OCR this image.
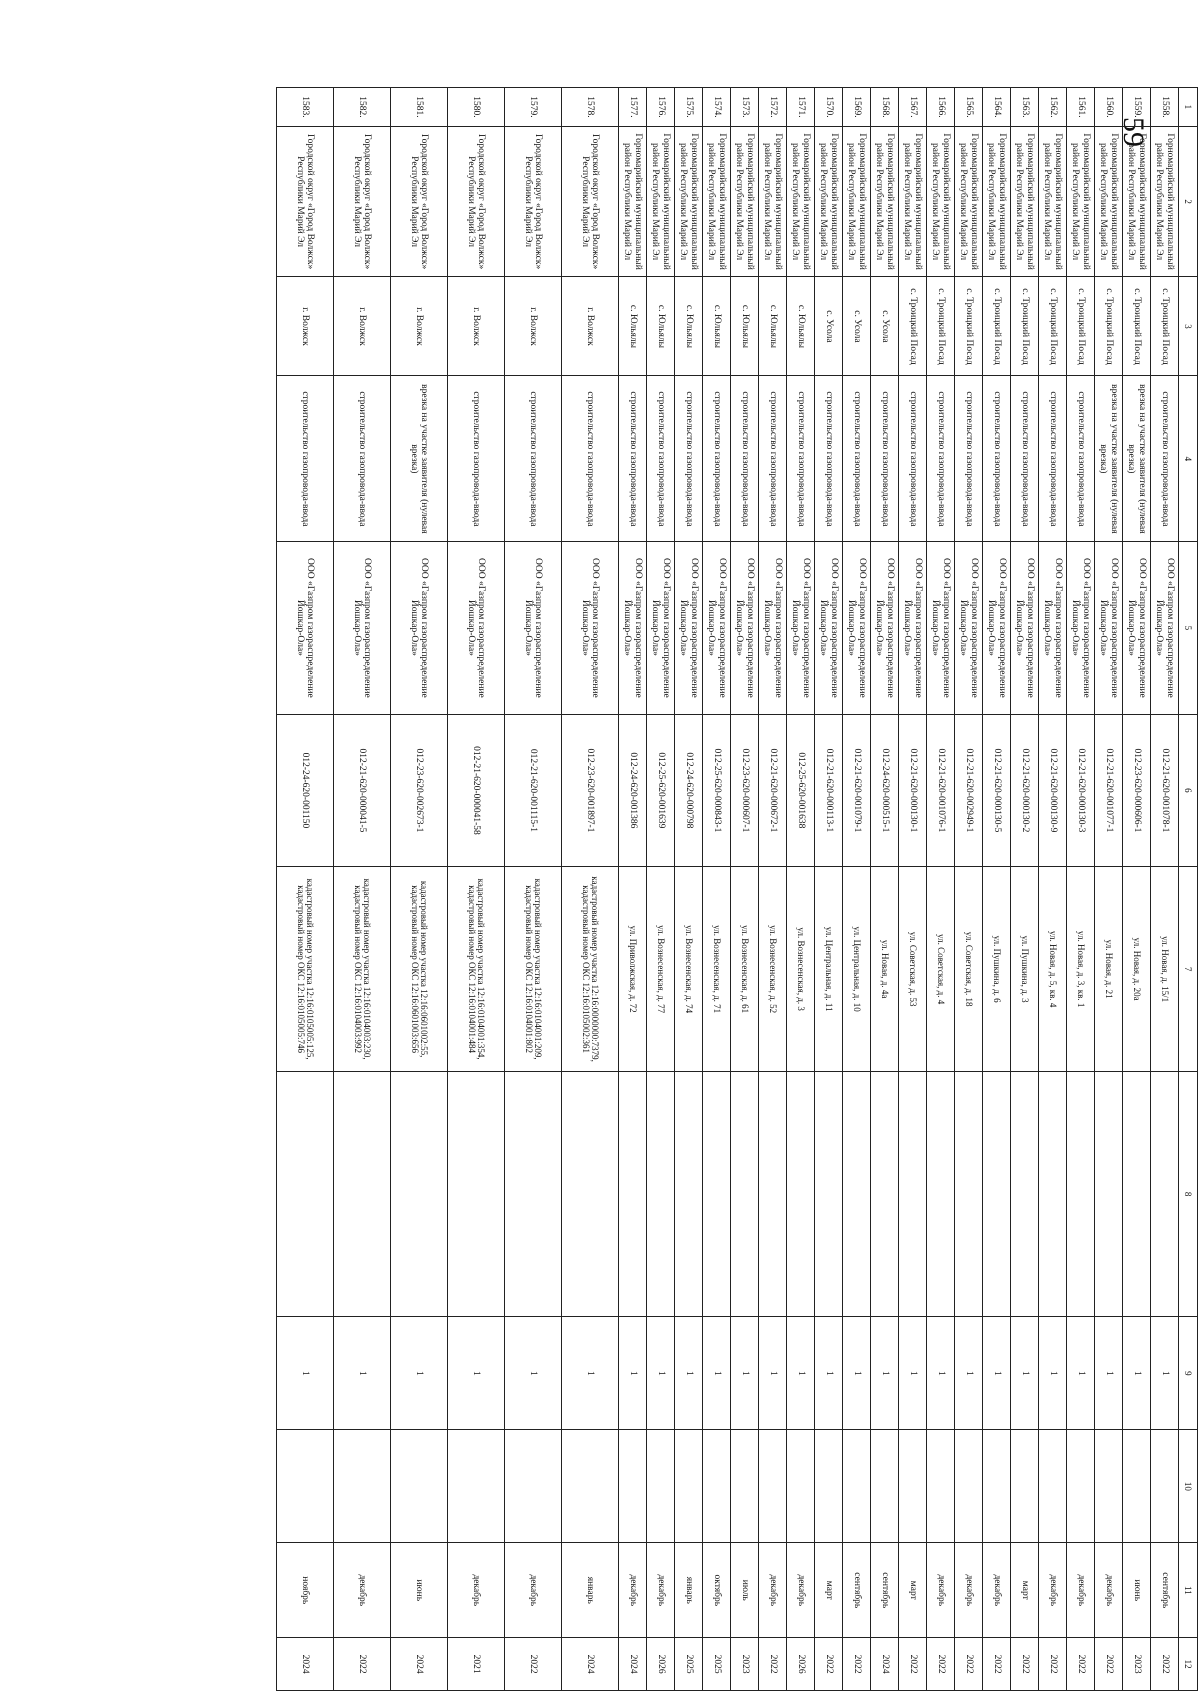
59
1	2	3	4	5	6	7	8	9	10	11	12
1558.	Горномарийский муниципальный район Республики Марий Эл	с. Троицкий Посад	строительство газопровода-ввода	ООО «Газпром газораспределение Йошкар-Ола»	012-21-620-001078-1	ул. Новая, д. 15/1		1		сентябрь	2022
1559.	Горномарийский муниципальный район Республики Марий Эл	с. Троицкий Посад	врезка на участке заявителя (нулевая врезка)	ООО «Газпром газораспределение Йошкар-Ола»	012-23-620-000606-1	ул. Новая, д. 20а		1		июнь	2023
1560.	Горномарийский муниципальный район Республики Марий Эл	с. Троицкий Посад	врезка на участке заявителя (нулевая врезка)	ООО «Газпром газораспределение Йошкар-Ола»	012-21-620-001077-1	ул. Новая, д. 21		1		декабрь	2022
1561.	Горномарийский муниципальный район Республики Марий Эл	с. Троицкий Посад	строительство газопровода-ввода	ООО «Газпром газораспределение Йошкар-Ола»	012-21-620-000130-3	ул. Новая, д. 3, кв. 1		1		декабрь	2022
1562.	Горномарийский муниципальный район Республики Марий Эл	с. Троицкий Посад	строительство газопровода-ввода	ООО «Газпром газораспределение Йошкар-Ола»	012-21-620-000130-9	ул. Новая, д. 5, кв. 4		1		декабрь	2022
1563.	Горномарийский муниципальный район Республики Марий Эл	с. Троицкий Посад	строительство газопровода-ввода	ООО «Газпром газораспределение Йошкар-Ола»	012-21-620-000130-2	ул. Пушкина, д. 3		1		март	2022
1564.	Горномарийский муниципальный район Республики Марий Эл	с. Троицкий Посад	строительство газопровода-ввода	ООО «Газпром газораспределение Йошкар-Ола»	012-21-620-000130-5	ул. Пушкина, д. 6		1		декабрь	2022
1565.	Горномарийский муниципальный район Республики Марий Эл	с. Троицкий Посад	строительство газопровода-ввода	ООО «Газпром газораспределение Йошкар-Ола»	012-21-620-002949-1	ул. Советская, д. 18		1		декабрь	2022
1566.	Горномарийский муниципальный район Республики Марий Эл	с. Троицкий Посад	строительство газопровода-ввода	ООО «Газпром газораспределение Йошкар-Ола»	012-21-620-001076-1	ул. Советская, д. 4		1		декабрь	2022
1567.	Горномарийский муниципальный район Республики Марий Эл	с. Троицкий Посад	строительство газопровода-ввода	ООО «Газпром газораспределение Йошкар-Ола»	012-21-620-000130-1	ул. Советская, д. 53		1		март	2022
1568.	Горномарийский муниципальный район Республики Марий Эл	с. Усола	строительство газопровода-ввода	ООО «Газпром газораспределение Йошкар-Ола»	012-24-620-000515-1	ул. Новая, д. 4а		1		сентябрь	2024
1569.	Горномарийский муниципальный район Республики Марий Эл	с. Усола	строительство газопровода-ввода	ООО «Газпром газораспределение Йошкар-Ола»	012-21-620-001079-1	ул. Центральная, д. 10		1		сентябрь	2022
1570.	Горномарийский муниципальный район Республики Марий Эл	с. Усола	строительство газопровода-ввода	ООО «Газпром газораспределение Йошкар-Ола»	012-21-620-000113-1	ул. Центральная, д. 11		1		март	2022
1571.	Горномарийский муниципальный район Республики Марий Эл	с. Юльялы	строительство газопровода-ввода	ООО «Газпром газораспределение Йошкар-Ола»	012-25-620-001638	ул. Вознесенская, д. 3		1		декабрь	2026
1572.	Горномарийский муниципальный район Республики Марий Эл	с. Юльялы	строительство газопровода-ввода	ООО «Газпром газораспределение Йошкар-Ола»	012-21-620-000672-1	ул. Вознесенская, д. 52		1		декабрь	2022
1573.	Горномарийский муниципальный район Республики Марий Эл	с. Юльялы	строительство газопровода-ввода	ООО «Газпром газораспределение Йошкар-Ола»	012-23-620-000607-1	ул. Вознесенская, д. 61		1		июль	2023
1574.	Горномарийский муниципальный район Республики Марий Эл	с. Юльялы	строительство газопровода-ввода	ООО «Газпром газораспределение Йошкар-Ола»	012-25-620-000843-1	ул. Вознесенская, д. 71		1		октябрь	2025
1575.	Горномарийский муниципальный район Республики Марий Эл	с. Юльялы	строительство газопровода-ввода	ООО «Газпром газораспределение Йошкар-Ола»	012-24-620-000798	ул. Вознесенская, д. 74		1		январь	2025
1576.	Горномарийский муниципальный район Республики Марий Эл	с. Юльялы	строительство газопровода-ввода	ООО «Газпром газораспределение Йошкар-Ола»	012-25-620-001639	ул. Вознесенская, д. 77		1		декабрь	2026
1577.	Горномарийский муниципальный район Республики Марий Эл	с. Юльялы	строительство газопровода-ввода	ООО «Газпром газораспределение Йошкар-Ола»	012-24-620-001386	ул. Приволжская, д. 72		1		декабрь	2024
1578.	Городской округ «Город Волжск» Республики Марий Эл	г. Волжск	строительство газопровода-ввода	ООО «Газпром газораспределение Йошкар-Ола»	012-23-620-001897-1	кадастровый номер участка 12:16:0000000:7379, кадастровый номер ОКС 12:16:0105002:361		1		январь	2024
1579.	Городской округ «Город Волжск» Республики Марий Эл	г. Волжск	строительство газопровода-ввода	ООО «Газпром газораспределение Йошкар-Ола»	012-21-620-001115-1	кадастровый номер участка 12:16:0104001:209, кадастровый номер ОКС 12:16:0104001:802		1		декабрь	2022
1580.	Городской округ «Город Волжск» Республики Марий Эл	г. Волжск	строительство газопровода-ввода	ООО «Газпром газораспределение Йошкар-Ола»	012-21-620-000041-58	кадастровый номер участка 12:16:0104001:354, кадастровый номер ОКС 12:16:0104001:484		1		декабрь	2021
1581.	Городской округ «Город Волжск» Республики Марий Эл	г. Волжск	врезка на участке заявителя (нулевая врезка)	ООО «Газпром газораспределение Йошкар-Ола»	012-23-620-002673-1	кадастровый номер участка 12:16:0601002:55, кадастровый номер ОКС 12:16:0601003:656		1		июнь	2024
1582.	Городской округ «Город Волжск» Республики Марий Эл	г. Волжск	строительство газопровода-ввода	ООО «Газпром газораспределение Йошкар-Ола»	012-21-620-000041-5	кадастровый номер участка 12:16:0104003:230, кадастровый номер ОКС 12:16:0104003:992		1		декабрь	2022
1583.	Городской округ «Город Волжск» Республики Марий Эл	г. Волжск	строительство газопровода-ввода	ООО «Газпром газораспределение Йошкар-Ола»	012-24-620-001150	кадастровый номер участка 12:16:0105005:125, кадастровый номер ОКС 12:16:0105005:746		1		ноябрь	2024
